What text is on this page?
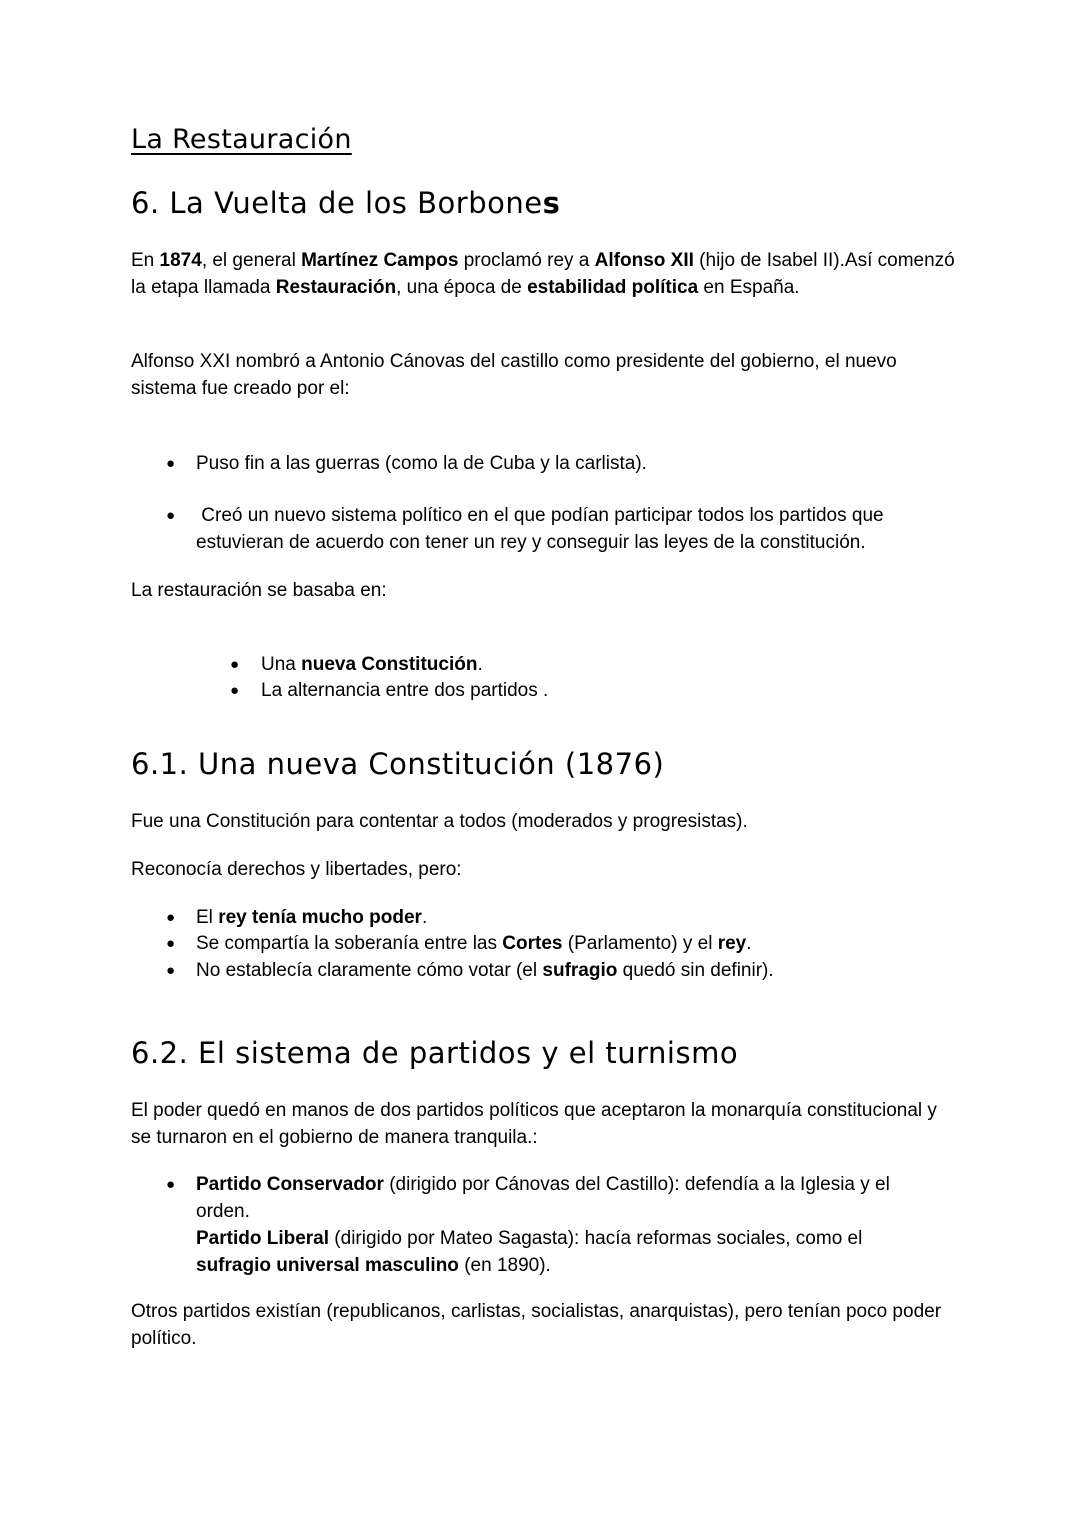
La Restauración
6. La Vuelta de los Borbones

En 1874, el general Martínez Campos proclamó rey a Alfonso XII (hijo de Isabel II).Así comenzó la etapa llamada Restauración, una época de estabilidad política en España.

Alfonso XXI nombró a Antonio Cánovas del castillo como presidente del gobierno, el nuevo sistema fue creado por el:

● Puso fin a las guerras (como la de Cuba y la carlista).

● Creó un nuevo sistema político en el que podían participar todos los partidos que estuvieran de acuerdo con tener un rey y conseguir las leyes de la constitución.

La restauración se basaba en:

● Una nueva Constitución.

● La alternancia entre dos partidos .

6.1. Una nueva Constitución (1876)

Fue una Constitución para contentar a todos (moderados y progresistas).

Reconocía derechos y libertades, pero:

● El rey tenía mucho poder.

● Se compartía la soberanía entre las Cortes (Parlamento) y el rey.

● No establecía claramente cómo votar (el sufragio quedó sin definir).

6.2. El sistema de partidos y el turnismo

El poder quedó en manos de dos partidos políticos que aceptaron la monarquía constitucional y se turnaron en el gobierno de manera tranquila.:

● Partido Conservador (dirigido por Cánovas del Castillo): defendía a la Iglesia y el orden.
Partido Liberal (dirigido por Mateo Sagasta): hacía reformas sociales, como el sufragio universal masculino (en 1890).

Otros partidos existían (republicanos, carlistas, socialistas, anarquistas), pero tenían poco poder político.
